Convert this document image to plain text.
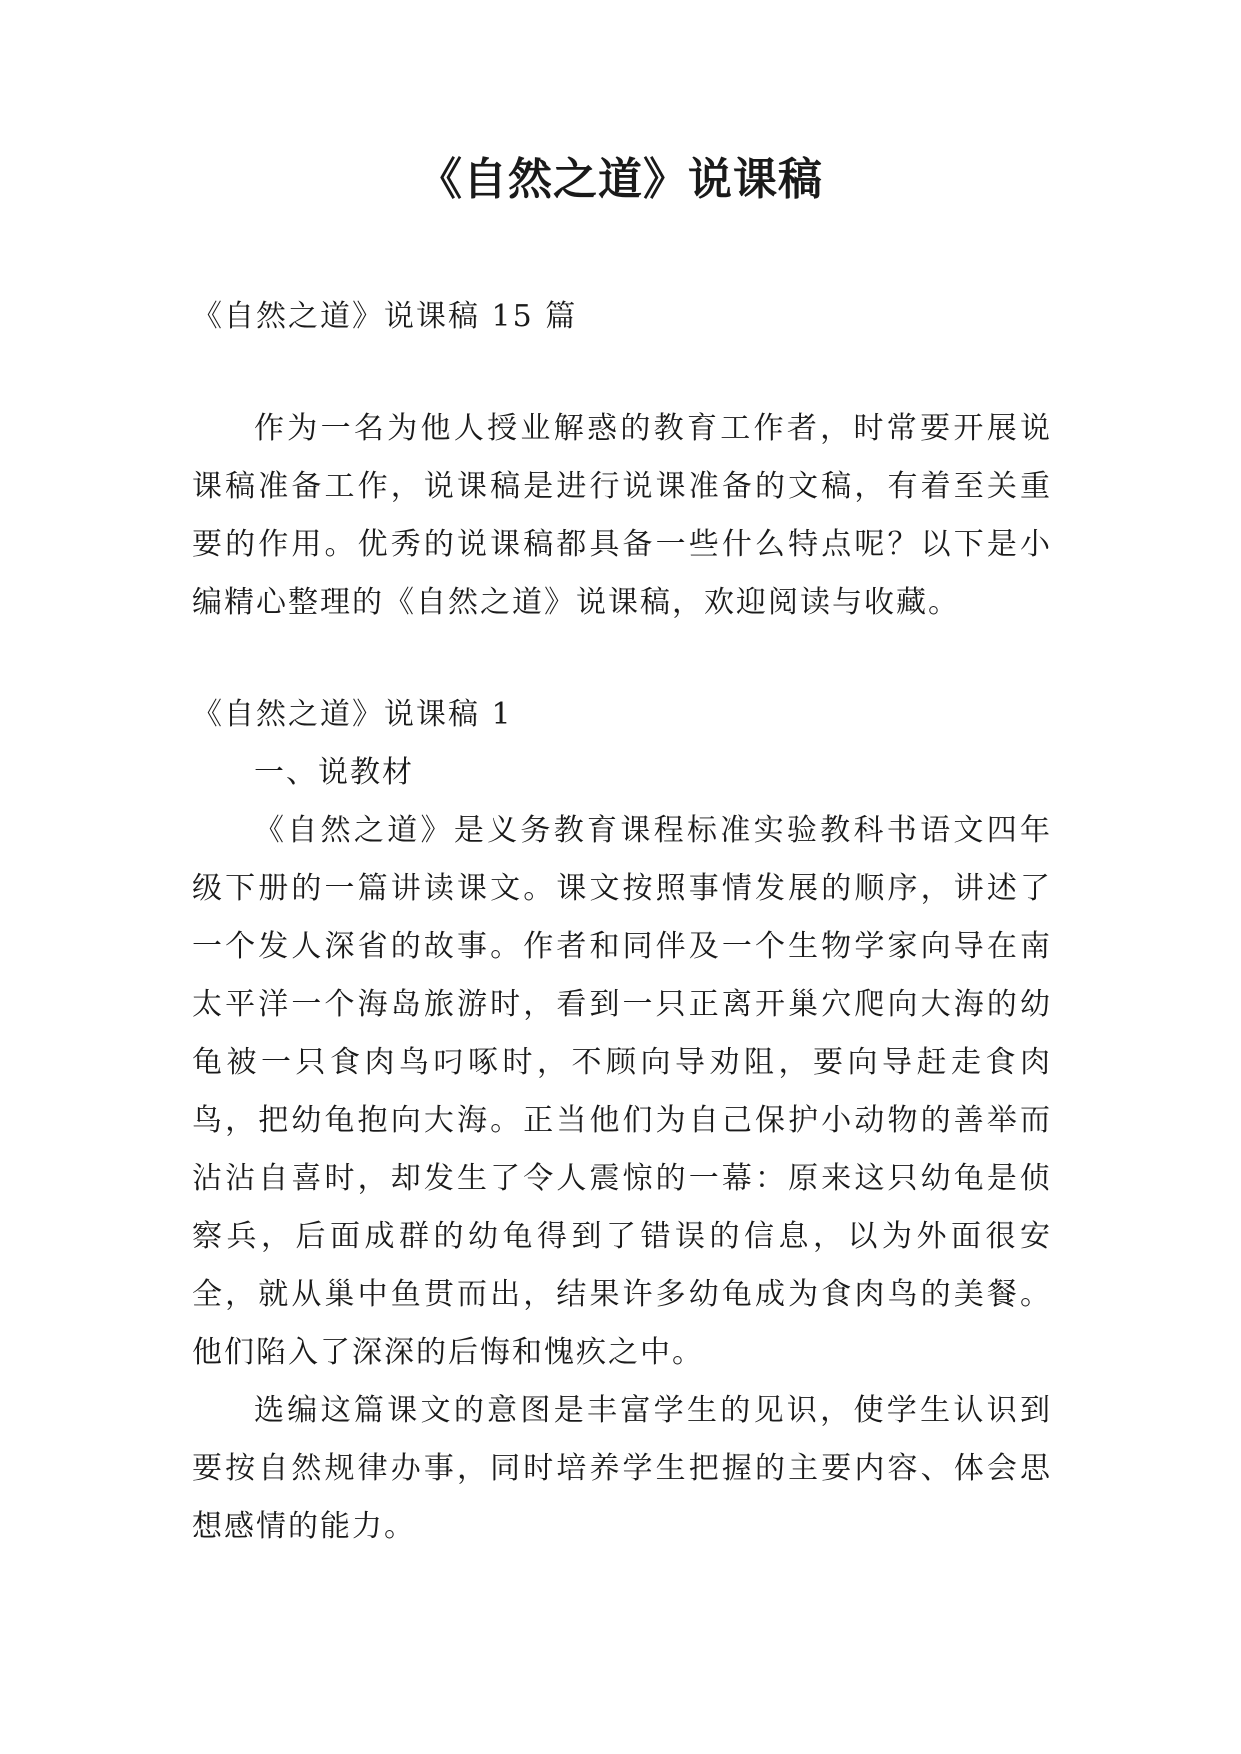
《自然之道》说课稿

《自然之道》说课稿 15 篇

作为一名为他人授业解惑的教育工作者，时常要开展说课稿准备工作，说课稿是进行说课准备的文稿，有着至关重要的作用。优秀的说课稿都具备一些什么特点呢？以下是小编精心整理的《自然之道》说课稿，欢迎阅读与收藏。

《自然之道》说课稿 1

一、说教材

《自然之道》是义务教育课程标准实验教科书语文四年级下册的一篇讲读课文。课文按照事情发展的顺序，讲述了一个发人深省的故事。作者和同伴及一个生物学家向导在南太平洋一个海岛旅游时，看到一只正离开巢穴爬向大海的幼龟被一只食肉鸟叼啄时，不顾向导劝阻，要向导赶走食肉鸟，把幼龟抱向大海。正当他们为自己保护小动物的善举而沾沾自喜时，却发生了令人震惊的一幕：原来这只幼龟是侦察兵，后面成群的幼龟得到了错误的信息，以为外面很安全，就从巢中鱼贯而出，结果许多幼龟成为食肉鸟的美餐。他们陷入了深深的后悔和愧疚之中。

选编这篇课文的意图是丰富学生的见识，使学生认识到要按自然规律办事，同时培养学生把握的主要内容、体会思想感情的能力。
